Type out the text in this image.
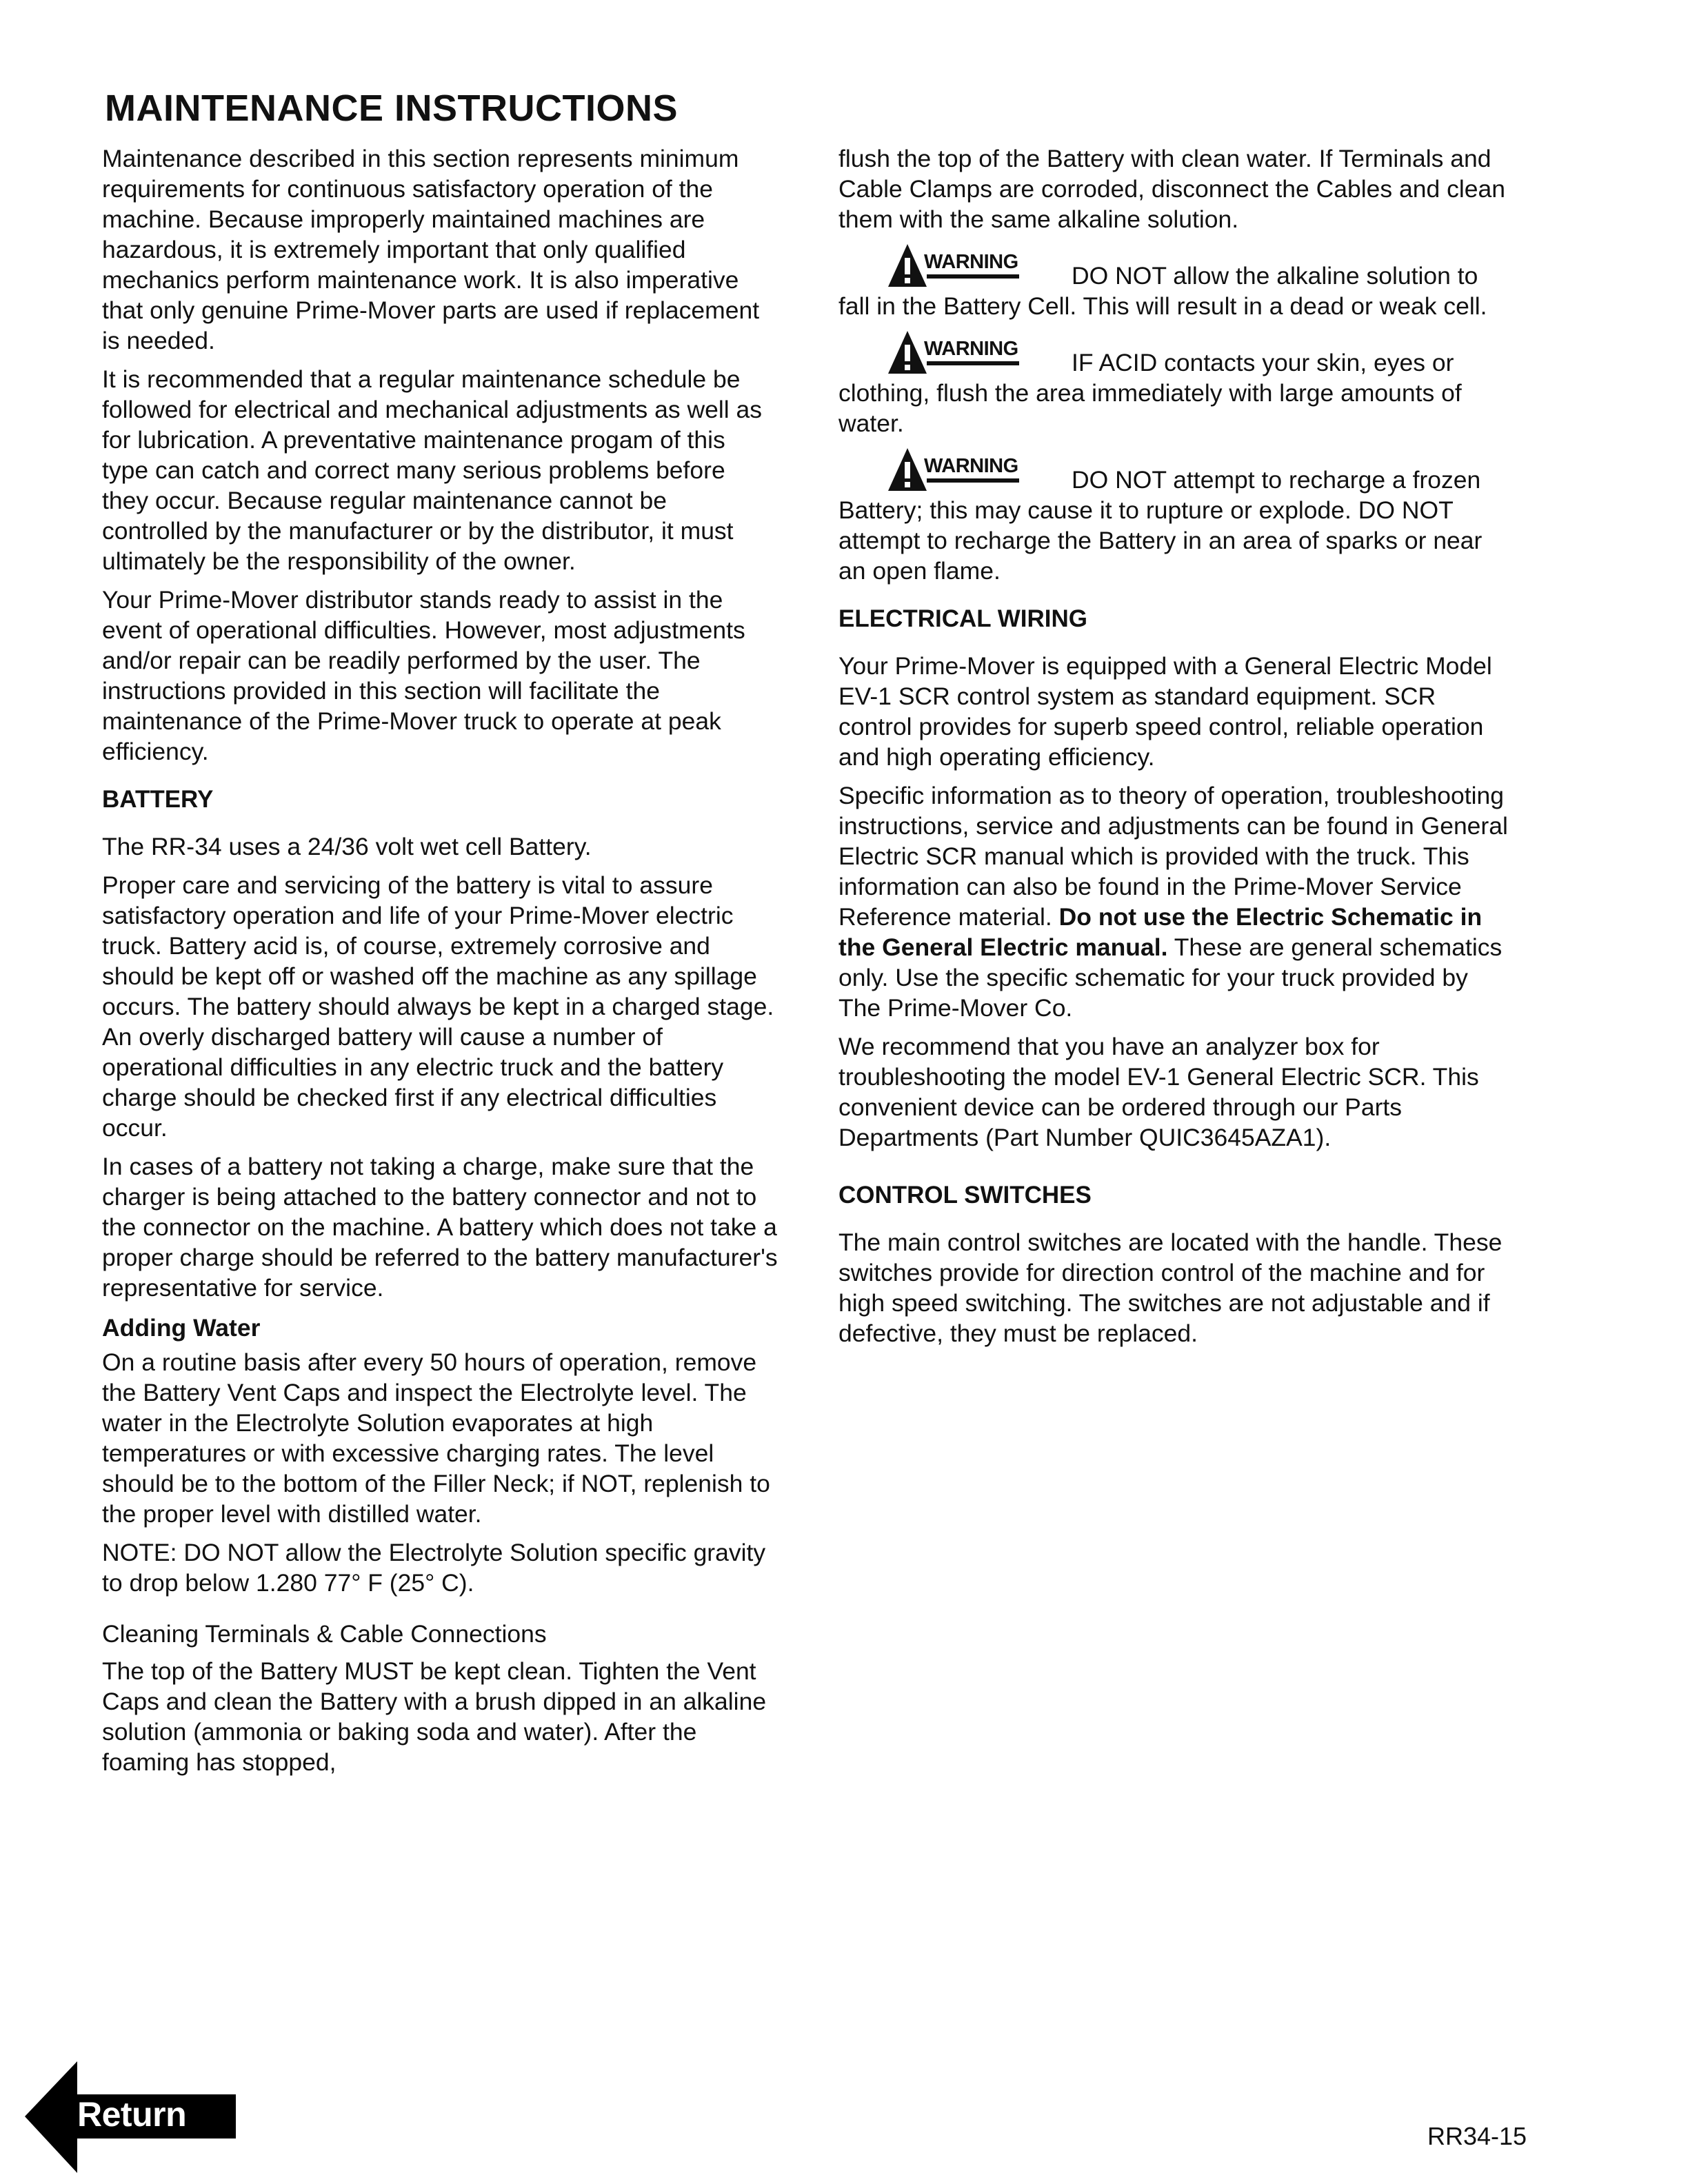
MAINTENANCE INSTRUCTIONS

Maintenance described in this section represents minimum requirements for continuous satisfactory operation of the machine. Because improperly maintained machines are hazardous, it is extremely important that only qualified mechanics perform maintenance work. It is also imperative that only genuine Prime-Mover parts are used if replacement is needed.

It is recommended that a regular maintenance schedule be followed for electrical and mechanical adjustments as well as for lubrication. A preventative maintenance progam of this type can catch and correct many serious problems before they occur. Because regular maintenance cannot be controlled by the manufacturer or by the distributor, it must ultimately be the responsibility of the owner.

Your Prime-Mover distributor stands ready to assist in the event of operational difficulties. However, most adjustments and/or repair can be readily performed by the user. The instructions provided in this section will facilitate the maintenance of the Prime-Mover truck to operate at peak efficiency.

BATTERY

The RR-34 uses a 24/36 volt wet cell Battery.

Proper care and servicing of the battery is vital to assure satisfactory operation and life of your Prime-Mover electric truck. Battery acid is, of course, extremely corrosive and should be kept off or washed off the machine as any spillage occurs. The battery should always be kept in a charged stage. An overly discharged battery will cause a number of operational difficulties in any electric truck and the battery charge should be checked first if any electrical difficulties occur.

In cases of a battery not taking a charge, make sure that the charger is being attached to the battery connector and not to the connector on the machine. A battery which does not take a proper charge should be referred to the battery manufacturer's representative for service.

Adding Water

On a routine basis after every 50 hours of operation, remove the Battery Vent Caps and inspect the Electrolyte level. The water in the Electrolyte Solution evaporates at high temperatures or with excessive charging rates. The level should be to the bottom of the Filler Neck; if NOT, replenish to the proper level with distilled water.

NOTE: DO NOT allow the Electrolyte Solution specific gravity to drop below 1.280 77° F (25° C).

Cleaning Terminals & Cable Connections

The top of the Battery MUST be kept clean. Tighten the Vent Caps and clean the Battery with a brush dipped in an alkaline solution (ammonia or baking soda and water). After the foaming has stopped,

flush the top of the Battery with clean water. If Terminals and Cable Clamps are corroded, disconnect the Cables and clean them with the same alkaline solution.

WARNING DO NOT allow the alkaline solution to fall in the Battery Cell. This will result in a dead or weak cell.

WARNING IF ACID contacts your skin, eyes or clothing, flush the area immediately with large amounts of water.

WARNING DO NOT attempt to recharge a frozen Battery; this may cause it to rupture or explode. DO NOT attempt to recharge the Battery in an area of sparks or near an open flame.

ELECTRICAL WIRING

Your Prime-Mover is equipped with a General Electric Model EV-1 SCR control system as standard equipment. SCR control provides for superb speed control, reliable operation and high operating efficiency.

Specific information as to theory of operation, troubleshooting instructions, service and adjustments can be found in General Electric SCR manual which is provided with the truck. This information can also be found in the Prime-Mover Service Reference material. Do not use the Electric Schematic in the General Electric manual. These are general schematics only. Use the specific schematic for your truck provided by The Prime-Mover Co.

We recommend that you have an analyzer box for troubleshooting the model EV-1 General Electric SCR. This convenient device can be ordered through our Parts Departments (Part Number QUIC3645AZA1).

CONTROL SWITCHES

The main control switches are located with the handle. These switches provide for direction control of the machine and for high speed switching. The switches are not adjustable and if defective, they must be replaced.

Return
RR34-15
